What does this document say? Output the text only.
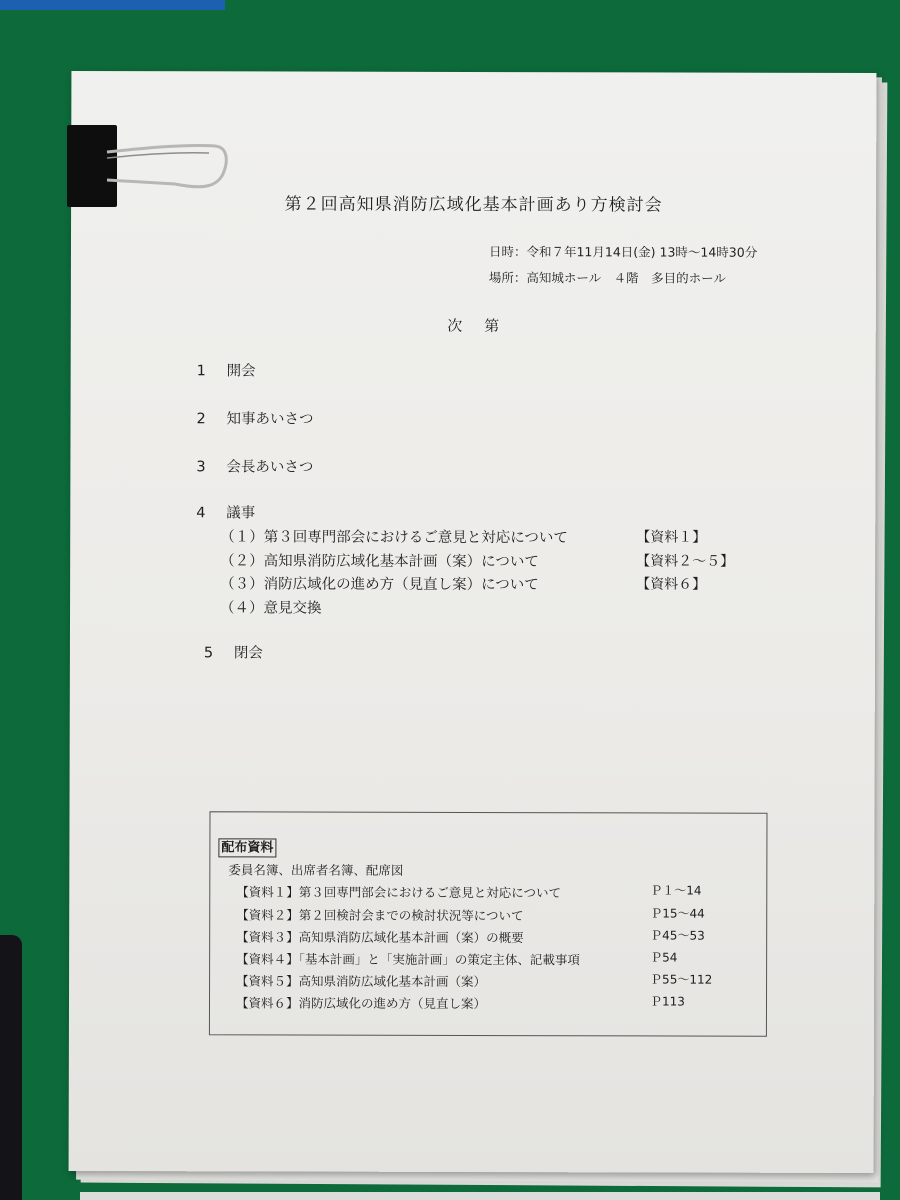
第２回高知県消防広域化基本計画あり方検討会
日時：令和７年11月14日(金) 13時～14時30分
場所：高知城ホール　４階　多目的ホール
次第
1 開会
2 知事あいさつ
3 会長あいさつ
4 議事
（１）第３回専門部会におけるご意見と対応について	【資料１】
（２）高知県消防広域化基本計画（案）について	【資料２～５】
（３）消防広域化の進め方（見直し案）について	【資料６】
（４）意見交換
5 閉会
配布資料
委員名簿、出席者名簿、配席図
【資料１】第３回専門部会におけるご意見と対応について	Ｐ１～14
【資料２】第２回検討会までの検討状況等について	Ｐ15～44
【資料３】高知県消防広域化基本計画（案）の概要	Ｐ45～53
【資料４】「基本計画」と「実施計画」の策定主体、記載事項	Ｐ54
【資料５】高知県消防広域化基本計画（案）	Ｐ55～112
【資料６】消防広域化の進め方（見直し案）	Ｐ113
